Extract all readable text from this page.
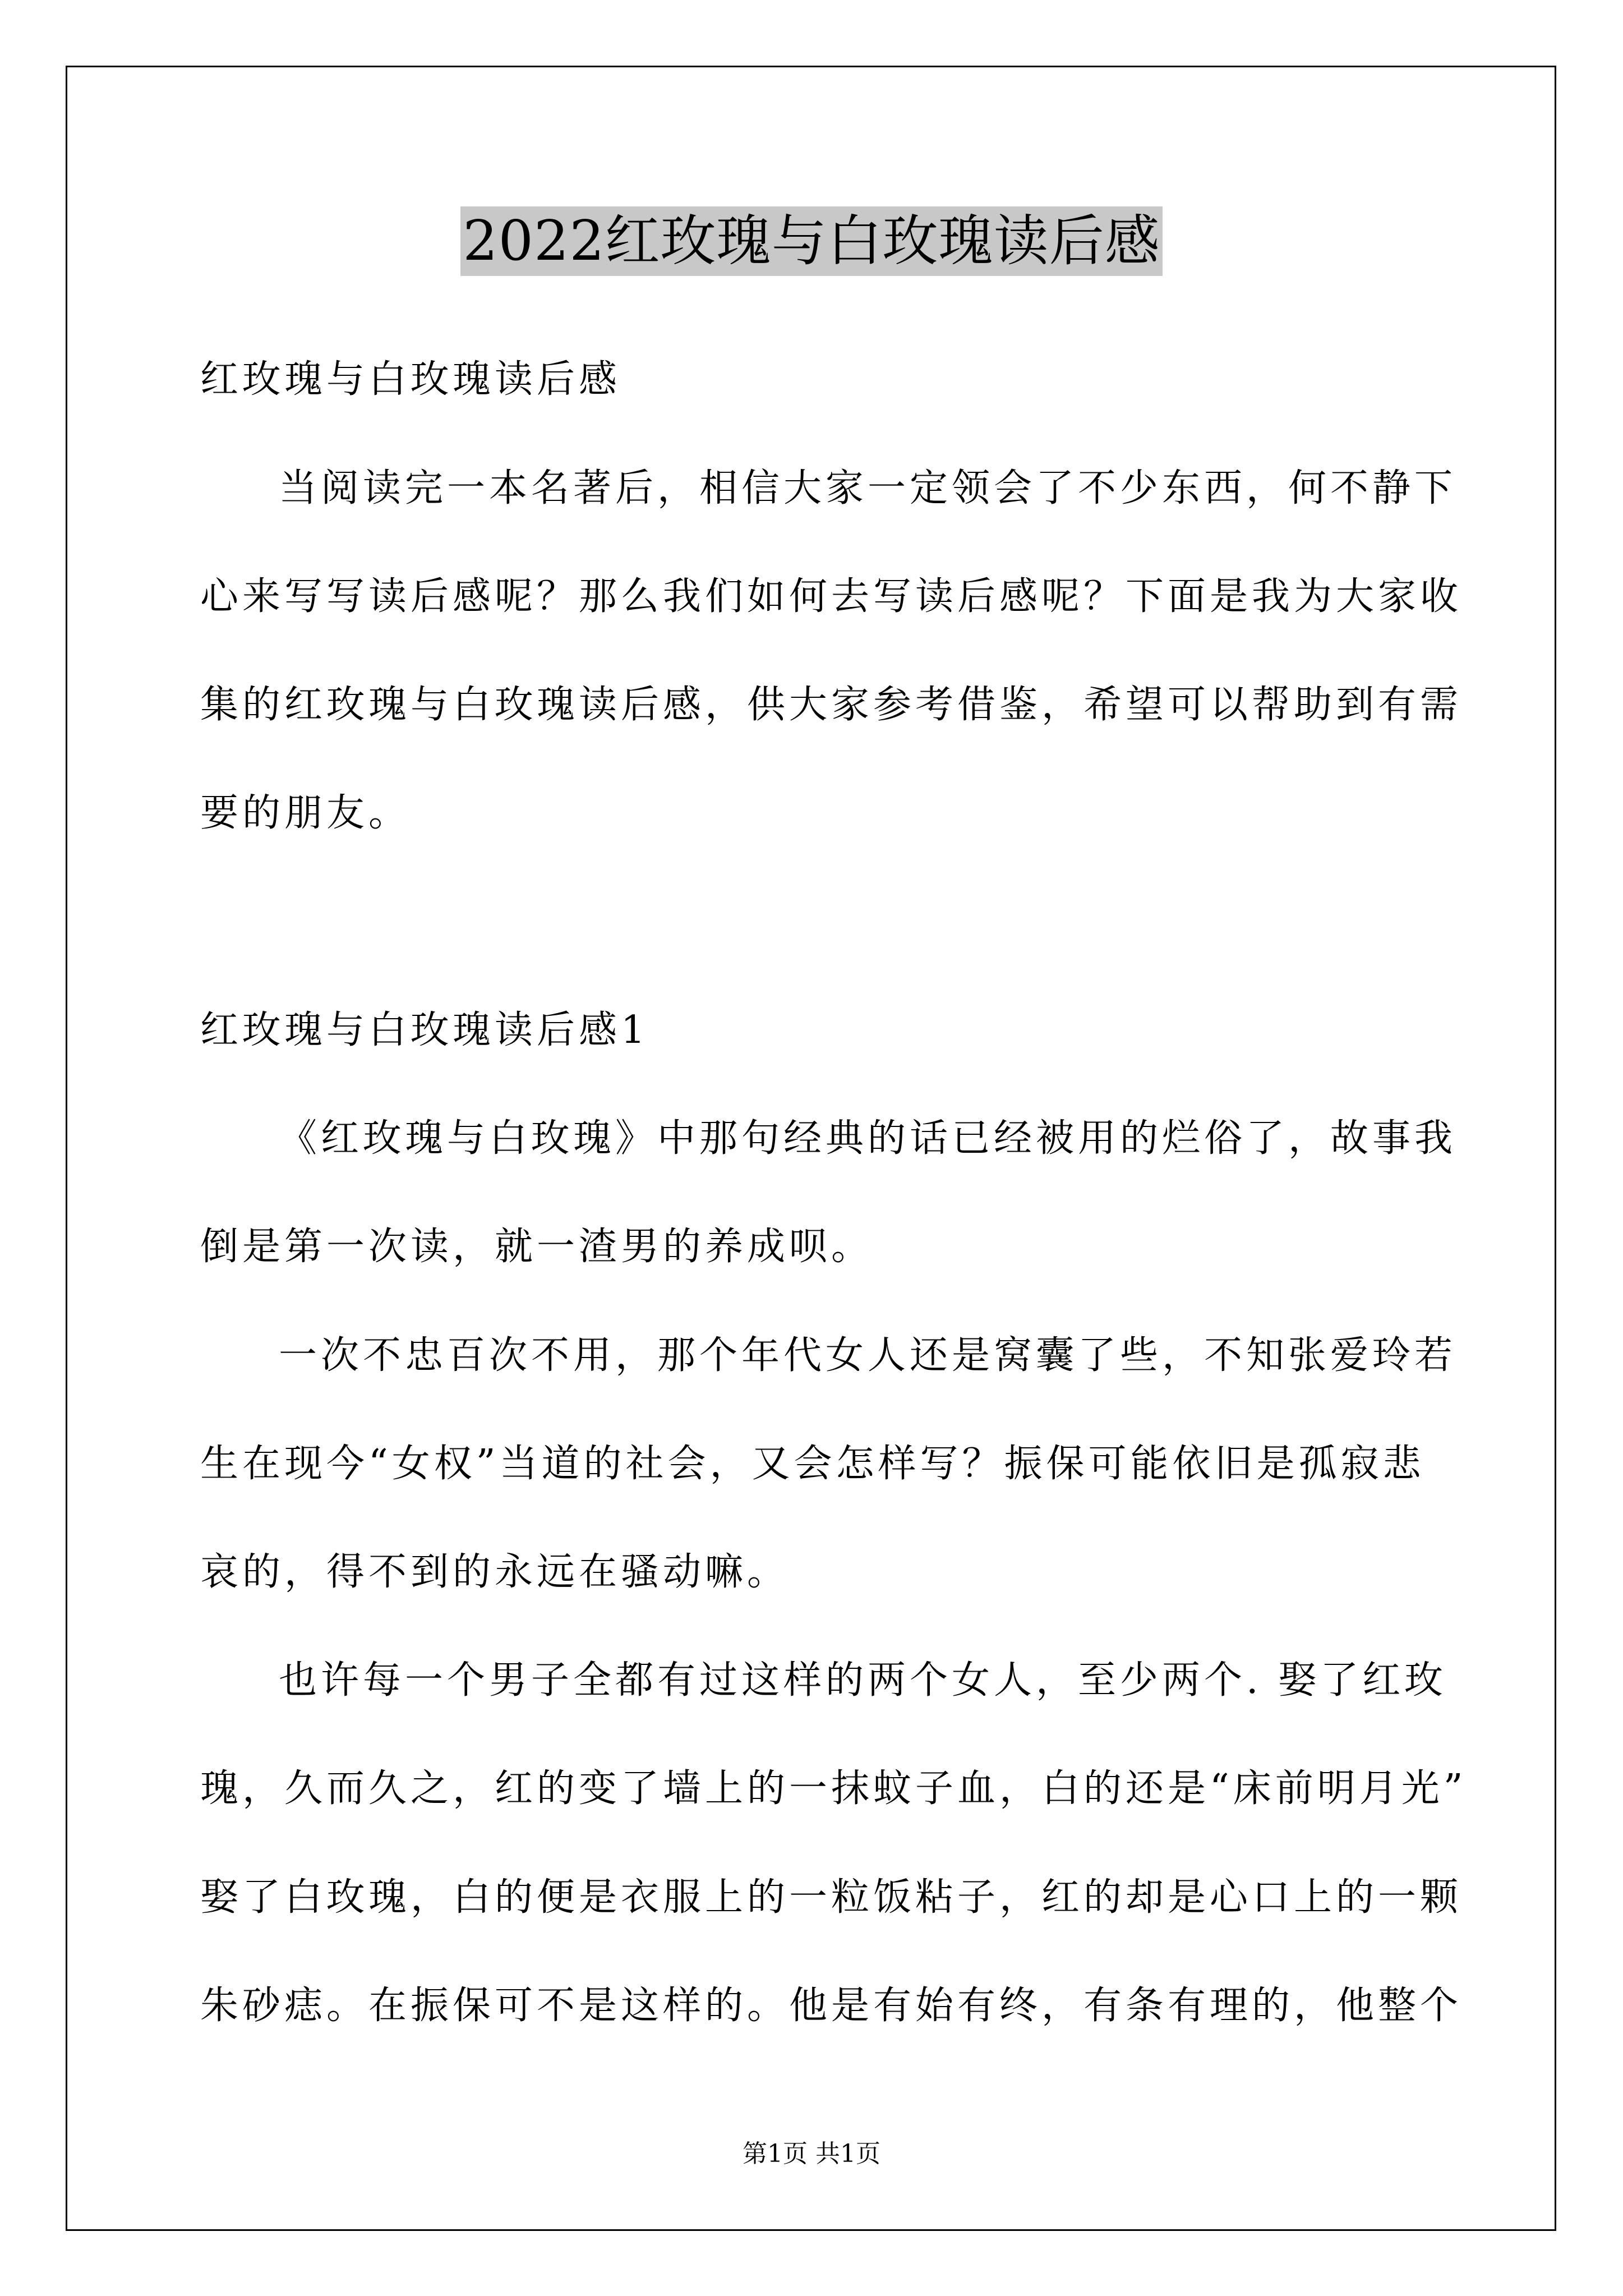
2022红玫瑰与白玫瑰读后感
红玫瑰与白玫瑰读后感
当阅读完一本名著后，相信大家一定领会了不少东西，何不静下
心来写写读后感呢？那么我们如何去写读后感呢？下面是我为大家收
集的红玫瑰与白玫瑰读后感，供大家参考借鉴，希望可以帮助到有需
要的朋友。
红玫瑰与白玫瑰读后感1
《红玫瑰与白玫瑰》中那句经典的话已经被用的烂俗了，故事我
倒是第一次读，就一渣男的养成呗。
一次不忠百次不用，那个年代女人还是窝囊了些，不知张爱玲若
生在现今“女权”当道的社会，又会怎样写？振保可能依旧是孤寂悲
哀的，得不到的永远在骚动嘛。
也许每一个男子全都有过这样的两个女人，至少两个. 娶了红玫
瑰，久而久之，红的变了墙上的一抹蚊子血，白的还是“床前明月光”
娶了白玫瑰，白的便是衣服上的一粒饭粘子，红的却是心口上的一颗
朱砂痣。在振保可不是这样的。他是有始有终，有条有理的，他整个
第1页 共1页
